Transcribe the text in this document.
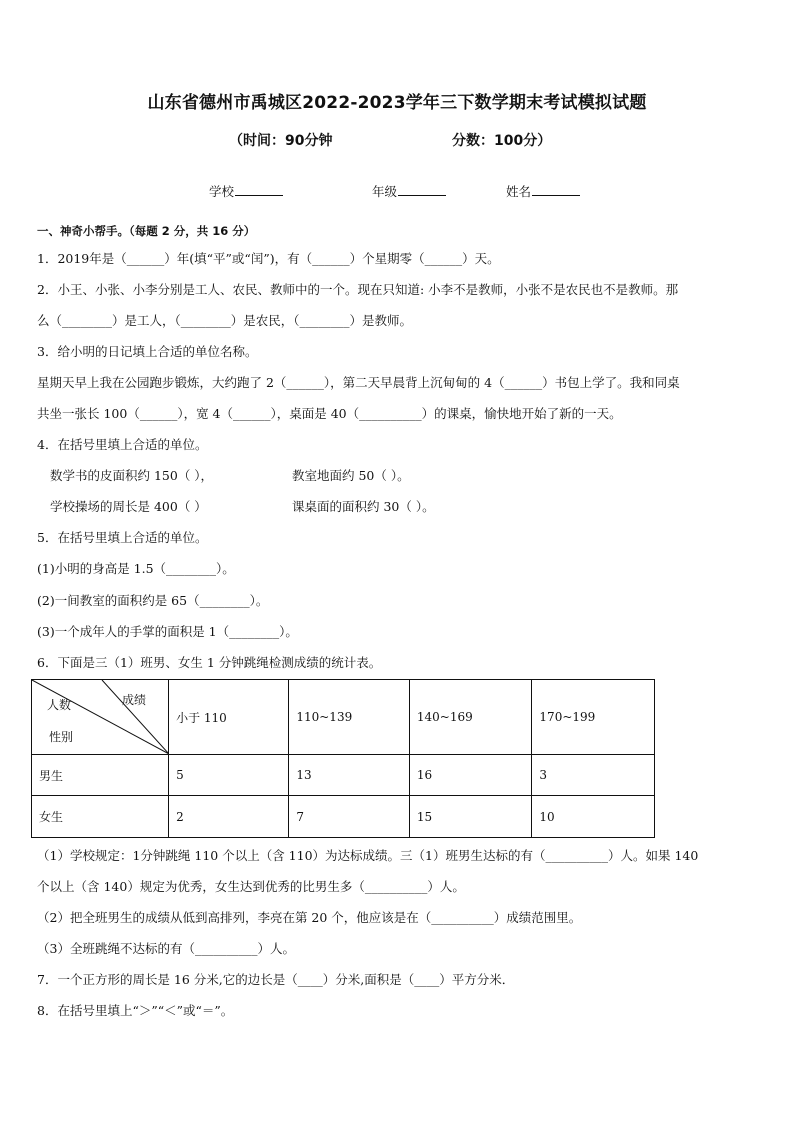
山东省德州市禹城区2022-2023学年三下数学期末考试模拟试题
（时间：90分钟	分数：100分）
学校	年级	姓名
一、神奇小帮手。（每题 2 分，共 16 分）
1．2019年是（______）年(填“平”或“闰”)，有（______）个星期零（______）天。
2．小王、小张、小李分别是工人、农民、教师中的一个。现在只知道: 小李不是教师，小张不是农民也不是教师。那
么（________）是工人，（________）是农民，（________）是教师。
3．给小明的日记填上合适的单位名称。
星期天早上我在公园跑步锻炼，大约跑了 2（______），第二天早晨背上沉甸甸的 4（______）书包上学了。我和同桌
共坐一张长 100（______），宽 4（______），桌面是 40（__________）的课桌，愉快地开始了新的一天。
4．在括号里填上合适的单位。
数学书的皮面积约 150（ ），	教室地面约 50（ ）。
学校操场的周长是 400（ ）	课桌面的面积约 30（ ）。
5．在括号里填上合适的单位。
(1)小明的身高是 1.5（________）。
(2)一间教室的面积约是 65（________）。
(3)一个成年人的手掌的面积是 1（________）。
6．下面是三（1）班男、女生 1 分钟跳绳检测成绩的统计表。
人数 成绩
性别	小于 110	110~139	140~169	170~199
男生	5	13	16	3
女生	2	7	15	10
（1）学校规定：1分钟跳绳 110 个以上（含 110）为达标成绩。三（1）班男生达标的有（__________）人。如果 140
个以上（含 140）规定为优秀，女生达到优秀的比男生多（__________）人。
（2）把全班男生的成绩从低到高排列，李亮在第 20 个，他应该是在（__________）成绩范围里。
（3）全班跳绳不达标的有（__________）人。
7．一个正方形的周长是 16 分米,它的边长是（____）分米,面积是（____）平方分米．
8．在括号里填上“＞”“＜”或“＝”。
